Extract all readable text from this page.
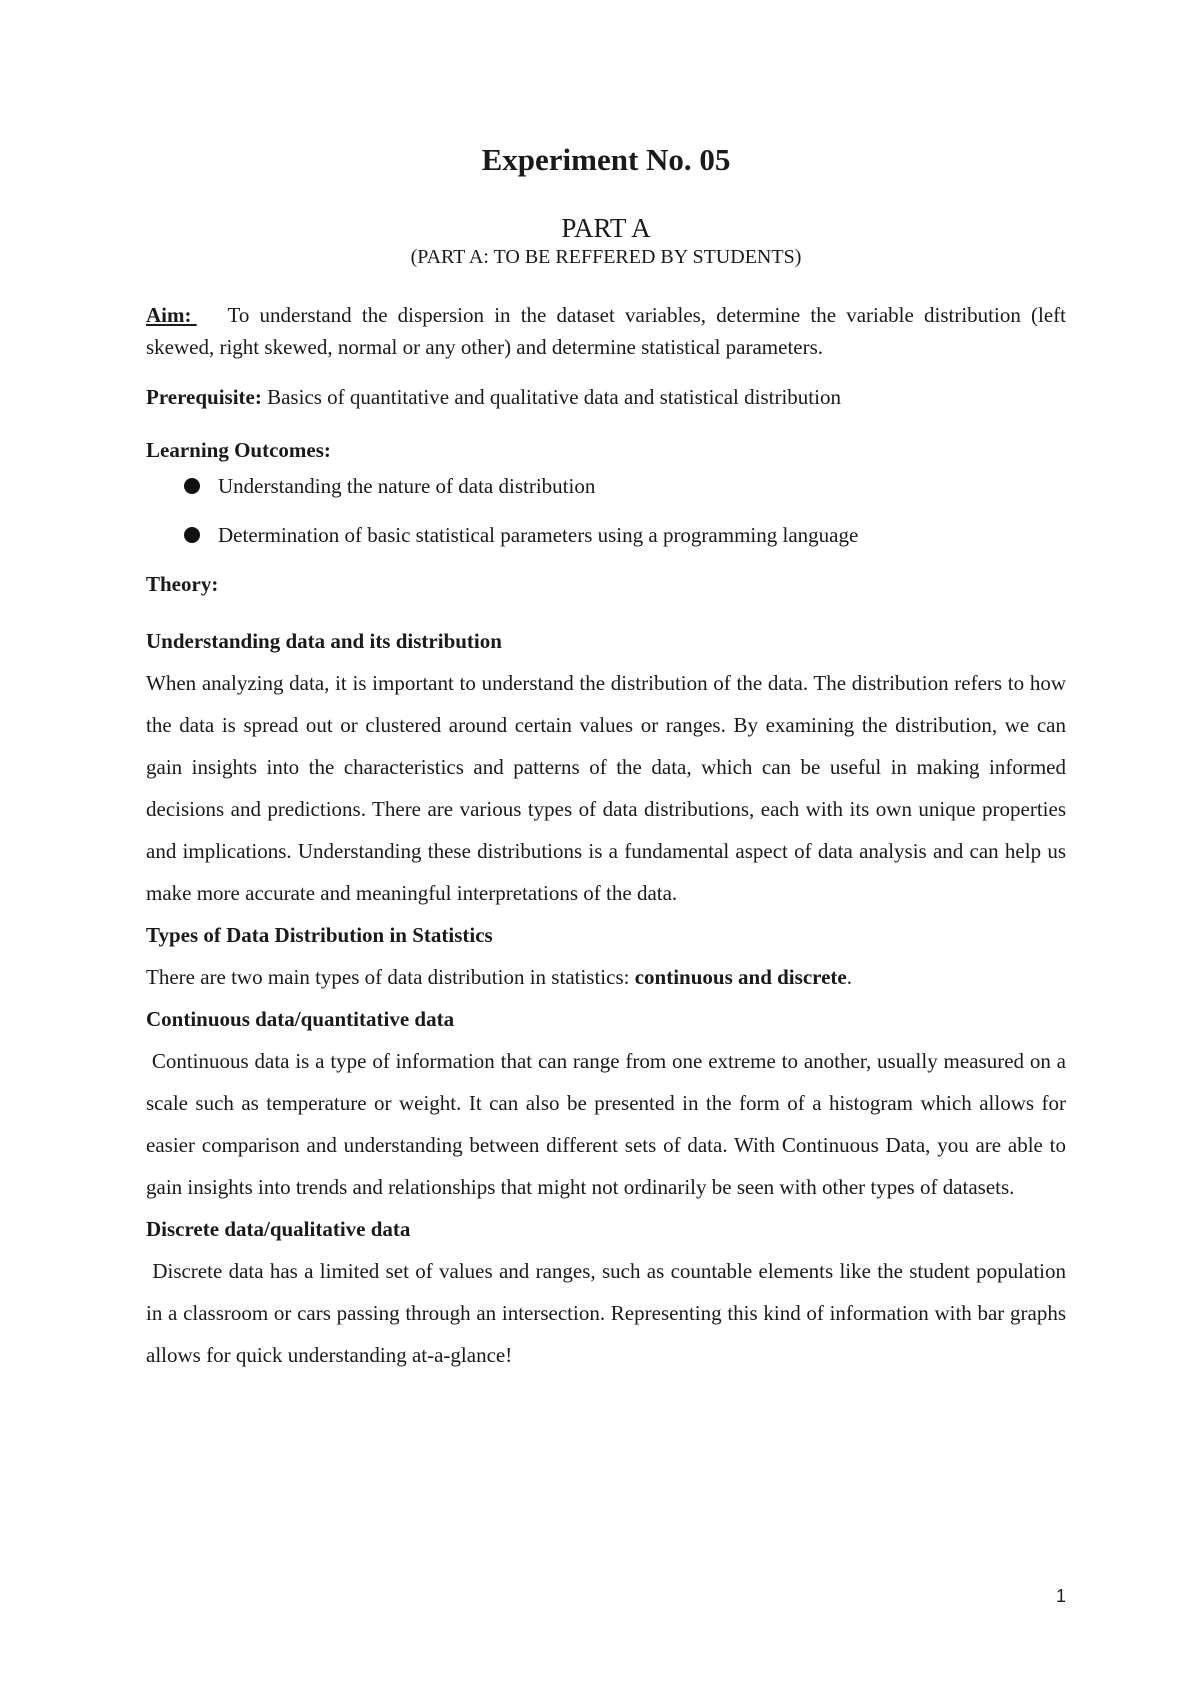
Experiment No. 05

PART A

(PART A: TO BE REFFERED BY STUDENTS)

Aim: To understand the dispersion in the dataset variables, determine the variable distribution (left skewed, right skewed, normal or any other) and determine statistical parameters.

Prerequisite: Basics of quantitative and qualitative data and statistical distribution

Learning Outcomes:

Understanding the nature of data distribution
Determination of basic statistical parameters using a programming language

Theory:

Understanding data and its distribution

When analyzing data, it is important to understand the distribution of the data. The distribution refers to how the data is spread out or clustered around certain values or ranges. By examining the distribution, we can gain insights into the characteristics and patterns of the data, which can be useful in making informed decisions and predictions. There are various types of data distributions, each with its own unique properties and implications. Understanding these distributions is a fundamental aspect of data analysis and can help us make more accurate and meaningful interpretations of the data.

Types of Data Distribution in Statistics

There are two main types of data distribution in statistics: continuous and discrete.

Continuous data/quantitative data

Continuous data is a type of information that can range from one extreme to another, usually measured on a scale such as temperature or weight. It can also be presented in the form of a histogram which allows for easier comparison and understanding between different sets of data. With Continuous Data, you are able to gain insights into trends and relationships that might not ordinarily be seen with other types of datasets.

Discrete data/qualitative data

Discrete data has a limited set of values and ranges, such as countable elements like the student population in a classroom or cars passing through an intersection. Representing this kind of information with bar graphs allows for quick understanding at-a-glance!

1
